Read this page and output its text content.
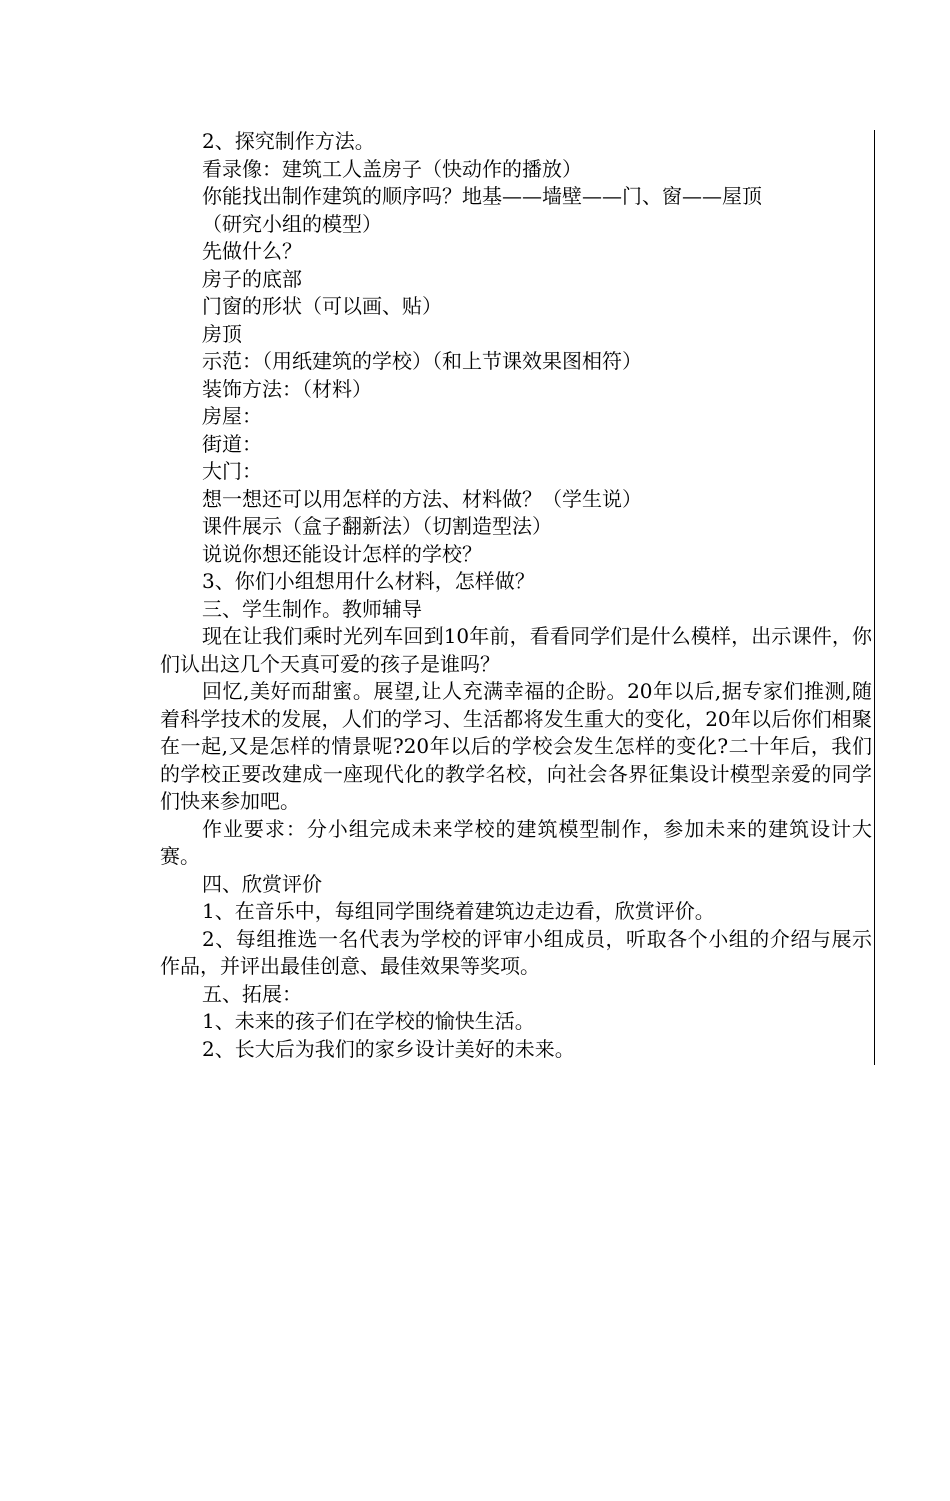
2、探究制作方法。
看录像：建筑工人盖房子（快动作的播放）
你能找出制作建筑的顺序吗？地基——墙壁——门、窗——屋顶
（研究小组的模型）
先做什么？
房子的底部
门窗的形状（可以画、贴）
房顶
示范：（用纸建筑的学校）（和上节课效果图相符）
装饰方法：（材料）
房屋：
街道：
大门：
想一想还可以用怎样的方法、材料做？（学生说）
课件展示（盒子翻新法）（切割造型法）
说说你想还能设计怎样的学校？
3、你们小组想用什么材料，怎样做？
三、学生制作。教师辅导
现在让我们乘时光列车回到10年前，看看同学们是什么模样，出示课件，你们认出这几个天真可爱的孩子是谁吗？
回忆,美好而甜蜜。展望,让人充满幸福的企盼。20年以后,据专家们推测,随着科学技术的发展，人们的学习、生活都将发生重大的变化，20年以后你们相聚在一起,又是怎样的情景呢?20年以后的学校会发生怎样的变化?二十年后，我们的学校正要改建成一座现代化的教学名校，向社会各界征集设计模型亲爱的同学们快来参加吧。
作业要求：分小组完成未来学校的建筑模型制作，参加未来的建筑设计大赛。
四、欣赏评价
1、在音乐中，每组同学围绕着建筑边走边看，欣赏评价。
2、每组推选一名代表为学校的评审小组成员，听取各个小组的介绍与展示作品，并评出最佳创意、最佳效果等奖项。
五、拓展：
1、未来的孩子们在学校的愉快生活。
2、长大后为我们的家乡设计美好的未来。
